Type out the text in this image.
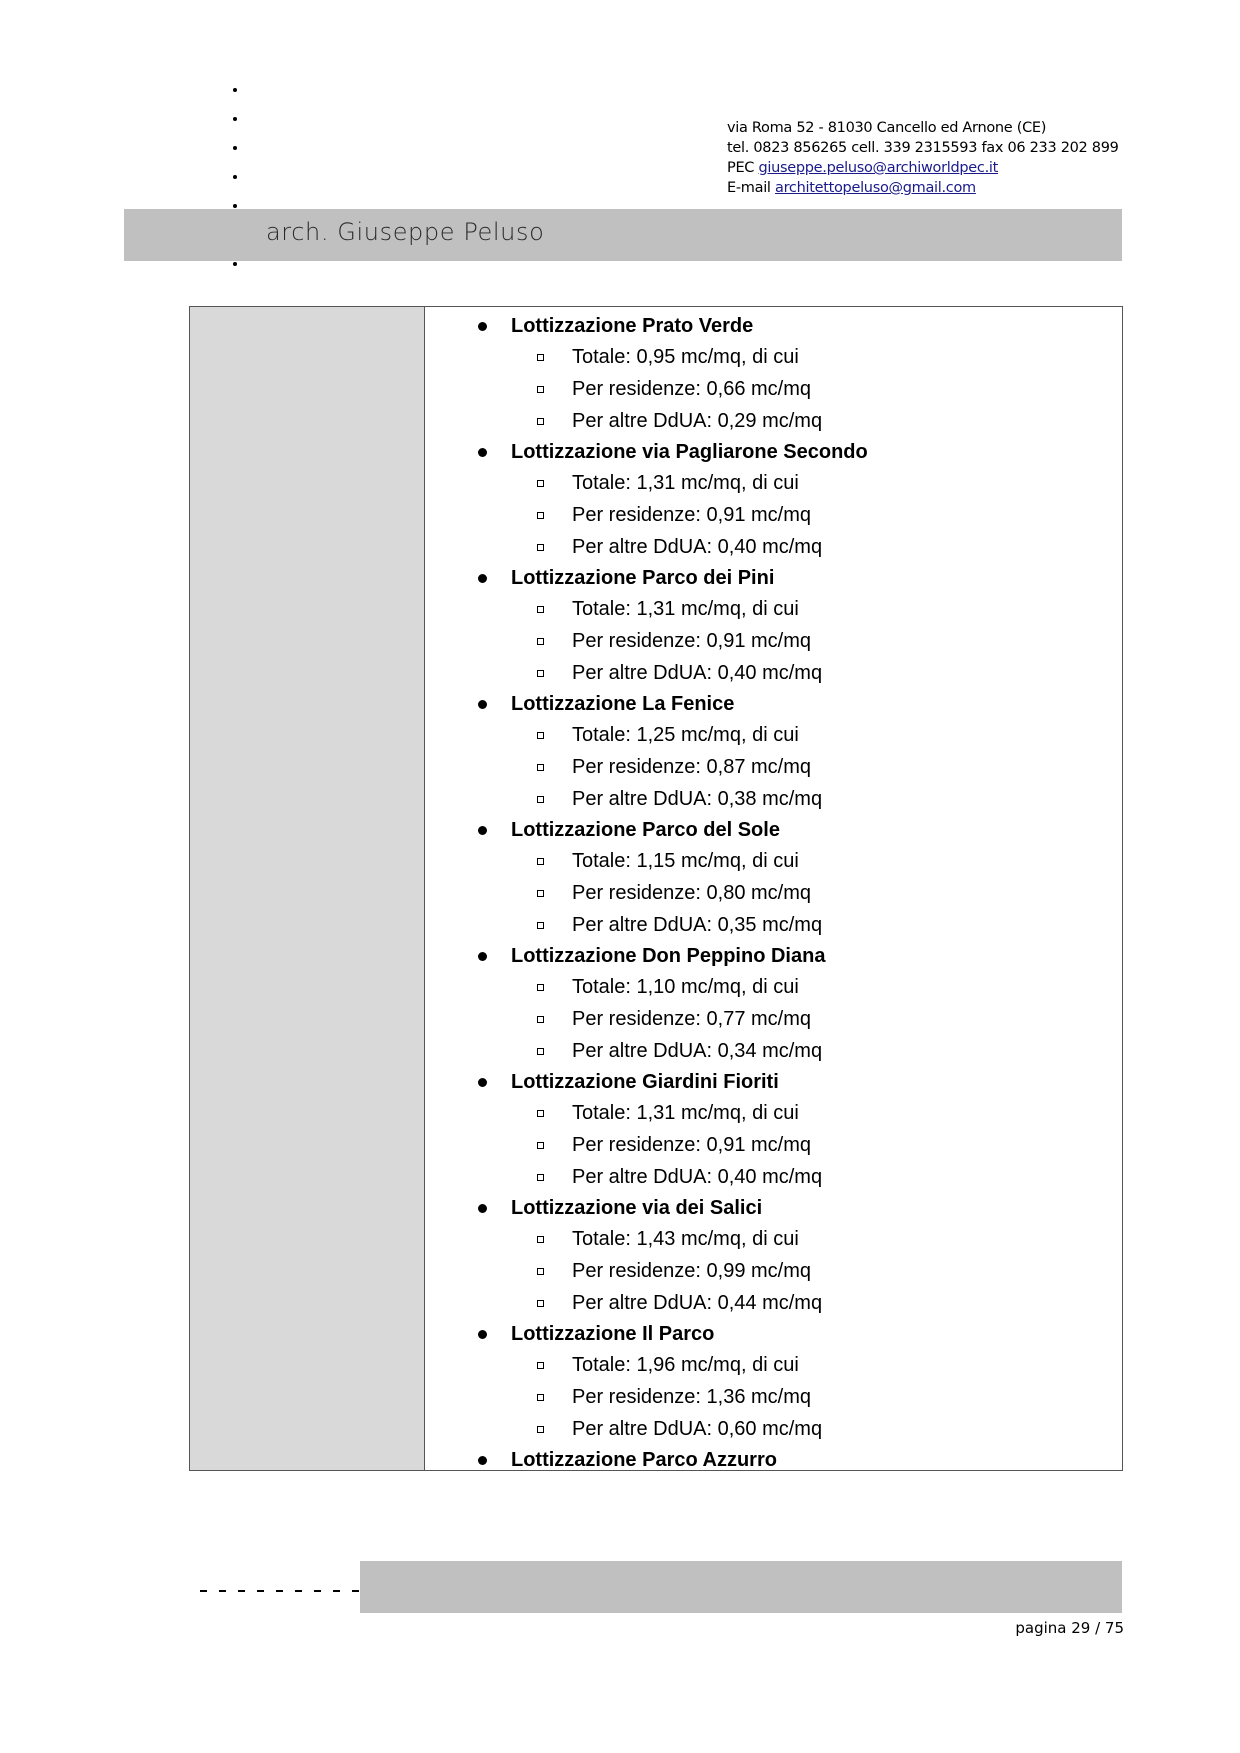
via Roma 52 - 81030 Cancello ed Arnone (CE)
tel. 0823 856265 cell. 339 2315593 fax 06 233 202 899
PEC giuseppe.peluso@archiworldpec.it
E-mail architettopeluso@gmail.com
arch. Giuseppe Peluso
Lottizzazione Prato Verde
Totale: 0,95 mc/mq, di cui
Per residenze: 0,66 mc/mq
Per altre DdUA: 0,29 mc/mq
Lottizzazione via Pagliarone Secondo
Totale: 1,31 mc/mq, di cui
Per residenze: 0,91 mc/mq
Per altre DdUA: 0,40 mc/mq
Lottizzazione Parco dei Pini
Totale: 1,31 mc/mq, di cui
Per residenze: 0,91 mc/mq
Per altre DdUA: 0,40 mc/mq
Lottizzazione La Fenice
Totale: 1,25 mc/mq, di cui
Per residenze: 0,87 mc/mq
Per altre DdUA: 0,38 mc/mq
Lottizzazione Parco del Sole
Totale: 1,15 mc/mq, di cui
Per residenze: 0,80 mc/mq
Per altre DdUA: 0,35 mc/mq
Lottizzazione Don Peppino Diana
Totale: 1,10 mc/mq, di cui
Per residenze: 0,77 mc/mq
Per altre DdUA: 0,34 mc/mq
Lottizzazione Giardini Fioriti
Totale: 1,31 mc/mq, di cui
Per residenze: 0,91 mc/mq
Per altre DdUA: 0,40 mc/mq
Lottizzazione via dei Salici
Totale: 1,43 mc/mq, di cui
Per residenze: 0,99 mc/mq
Per altre DdUA: 0,44 mc/mq
Lottizzazione Il Parco
Totale: 1,96 mc/mq, di cui
Per residenze: 1,36 mc/mq
Per altre DdUA: 0,60 mc/mq
Lottizzazione Parco Azzurro
pagina 29 / 75
